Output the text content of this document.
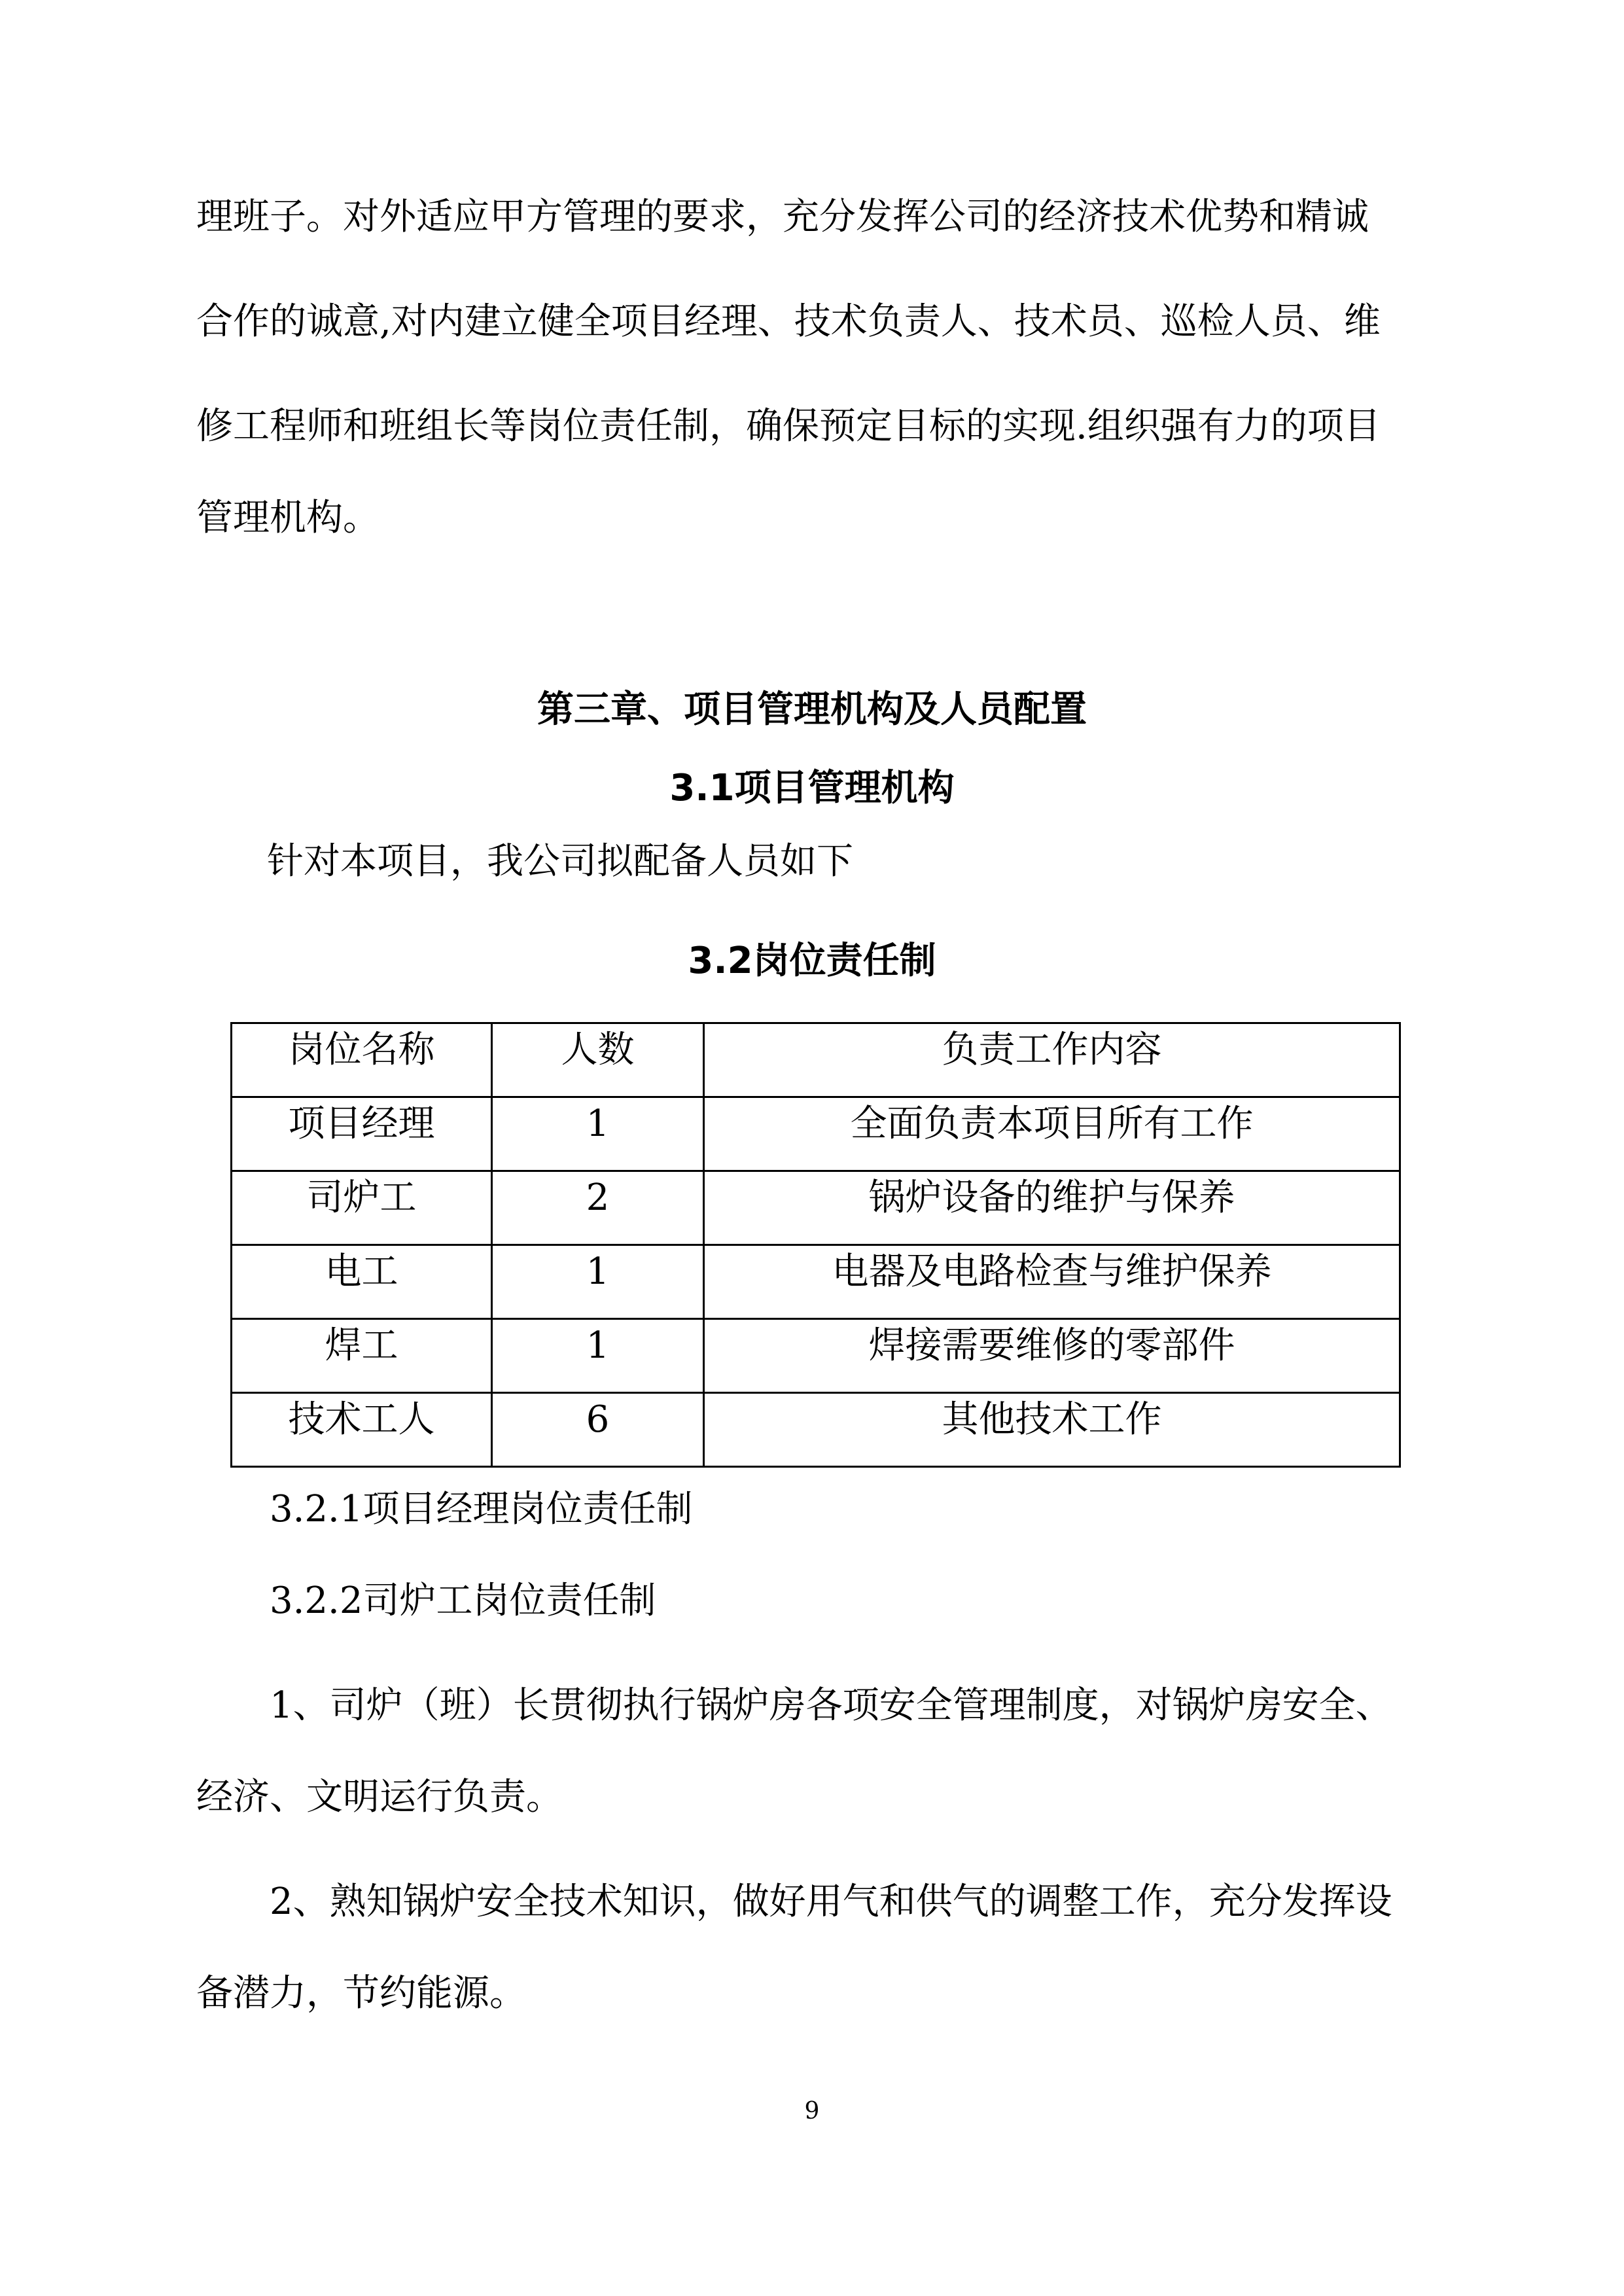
理班子。对外适应甲方管理的要求，充分发挥公司的经济技术优势和精诚

合作的诚意,对内建立健全项目经理、技术负责人、技术员、巡检人员、维

修工程师和班组长等岗位责任制，确保预定目标的实现.组织强有力的项目

管理机构。

第三章、项目管理机构及人员配置
3.1项目管理机构

针对本项目，我公司拟配备人员如下

3.2岗位责任制
岗位名称	人数	负责工作内容
项目经理	1	全面负责本项目所有工作
司炉工	2	锅炉设备的维护与保养
电工	1	电器及电路检查与维护保养
焊工	1	焊接需要维修的零部件
技术工人	6	其他技术工作

3.2.1项目经理岗位责任制

3.2.2司炉工岗位责任制

1、司炉（班）长贯彻执行锅炉房各项安全管理制度，对锅炉房安全、

经济、文明运行负责。

2、熟知锅炉安全技术知识，做好用气和供气的调整工作，充分发挥设

备潜力，节约能源。

9
